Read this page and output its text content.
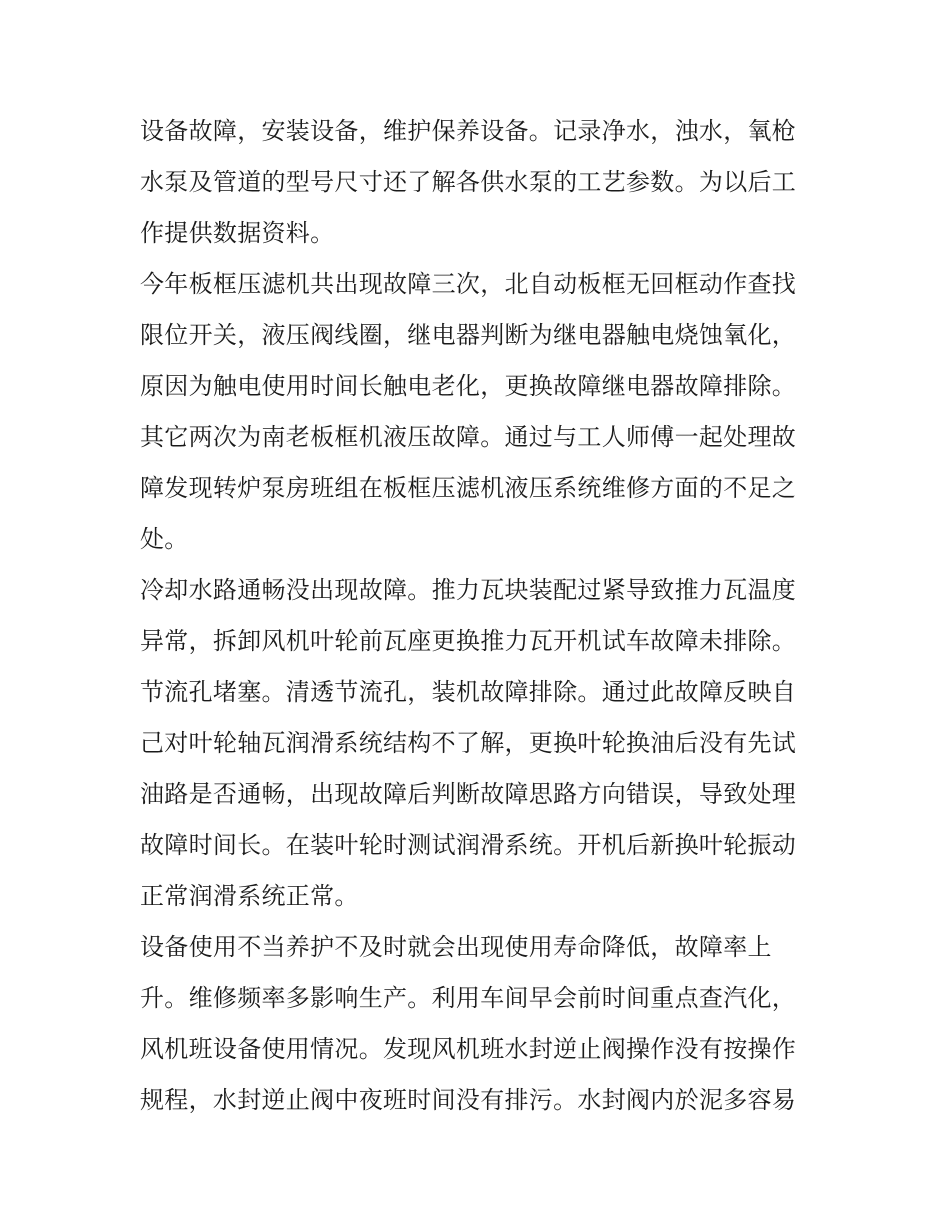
设备故障，安装设备，维护保养设备。记录净水，浊水，氧枪
水泵及管道的型号尺寸还了解各供水泵的工艺参数。为以后工
作提供数据资料。
今年板框压滤机共出现故障三次，北自动板框无回框动作查找
限位开关，液压阀线圈，继电器判断为继电器触电烧蚀氧化，
原因为触电使用时间长触电老化，更换故障继电器故障排除。
其它两次为南老板框机液压故障。通过与工人师傅一起处理故
障发现转炉泵房班组在板框压滤机液压系统维修方面的不足之
处。
冷却水路通畅没出现故障。推力瓦块装配过紧导致推力瓦温度
异常，拆卸风机叶轮前瓦座更换推力瓦开机试车故障未排除。
节流孔堵塞。清透节流孔，装机故障排除。通过此故障反映自
己对叶轮轴瓦润滑系统结构不了解，更换叶轮换油后没有先试
油路是否通畅，出现故障后判断故障思路方向错误，导致处理
故障时间长。在装叶轮时测试润滑系统。开机后新换叶轮振动
正常润滑系统正常。
设备使用不当养护不及时就会出现使用寿命降低，故障率上
升。维修频率多影响生产。利用车间早会前时间重点查汽化，
风机班设备使用情况。发现风机班水封逆止阀操作没有按操作
规程，水封逆止阀中夜班时间没有排污。水封阀内於泥多容易
